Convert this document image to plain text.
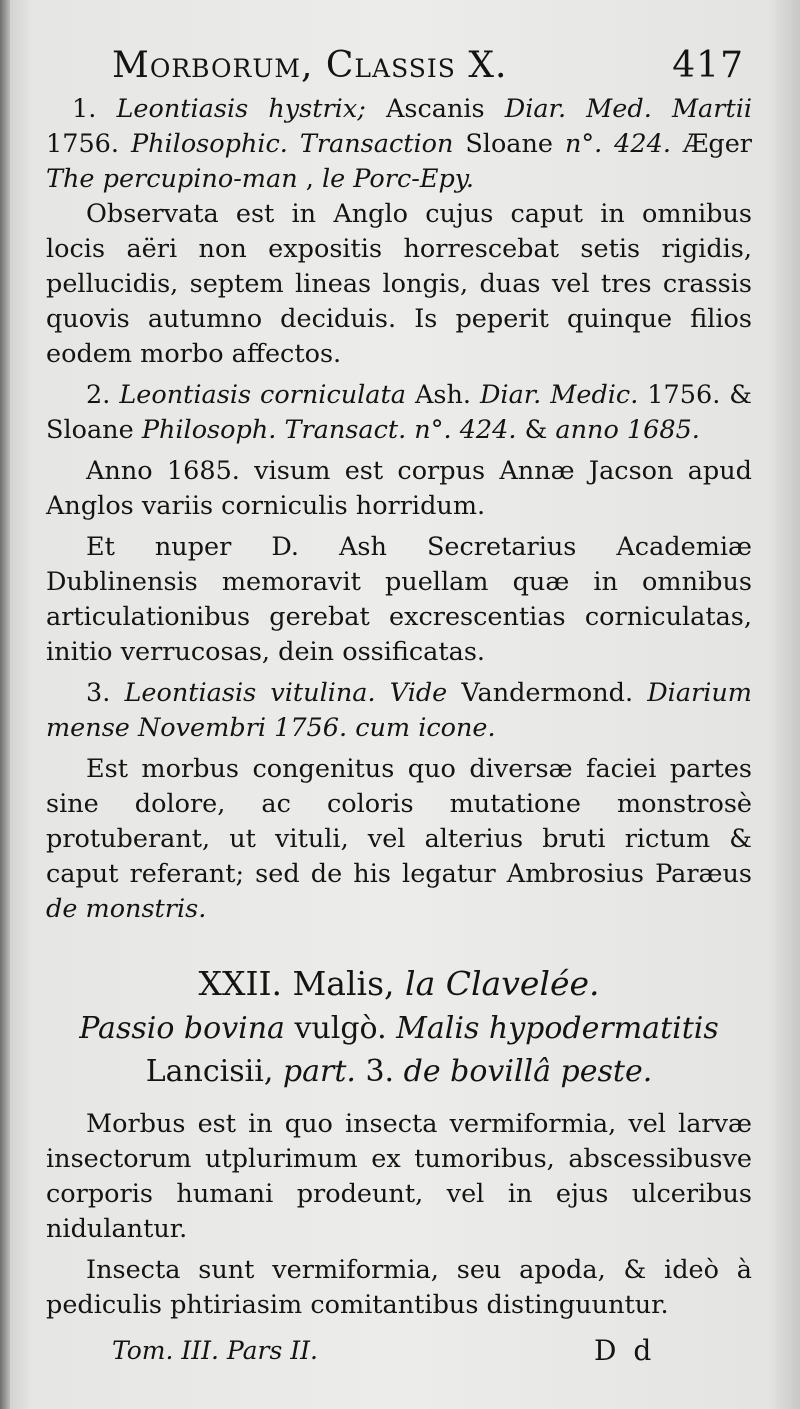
Morborum, Classis X.	417

1. Leontiasis hystrix; Ascanis Diar. Med. Martii 1756. Philosophic. Transaction Sloane n°. 424. Æger The percupino-man , le Porc-Epy.

Observata est in Anglo cujus caput in omnibus locis aëri non expositis horrescebat setis rigidis, pellucidis, septem lineas longis, duas vel tres crassis quovis autumno deciduis. Is peperit quinque filios eodem morbo affectos.

2. Leontiasis corniculata Ash. Diar. Medic. 1756. & Sloane Philosoph. Transact. n°. 424. & anno 1685.

Anno 1685. visum est corpus Annæ Jacson apud Anglos variis corniculis horridum.

Et nuper D. Ash Secretarius Academiæ Dublinensis memoravit puellam quæ in omnibus articulationibus gerebat excrescentias corniculatas, initio verrucosas, dein ossificatas.

3. Leontiasis vitulina. Vide Vandermond. Diarium mense Novembri 1756. cum icone.

Est morbus congenitus quo diversæ faciei partes sine dolore, ac coloris mutatione monstrosè protuberant, ut vituli, vel alterius bruti rictum & caput referant; sed de his legatur Ambrosius Paræus de monstris.

XXII. Malis, la Clavelée.
Passio bovina vulgò. Malis hypodermatitis
Lancisii, part. 3. de bovillâ peste.

Morbus est in quo insecta vermiformia, vel larvæ insectorum utplurimum ex tumoribus, abscessibusve corporis humani prodeunt, vel in ejus ulceribus nidulantur.

Insecta sunt vermiformia, seu apoda, & ideò à pediculis phtiriasim comitantibus distinguuntur.

Tom. III. Pars II.	D d
